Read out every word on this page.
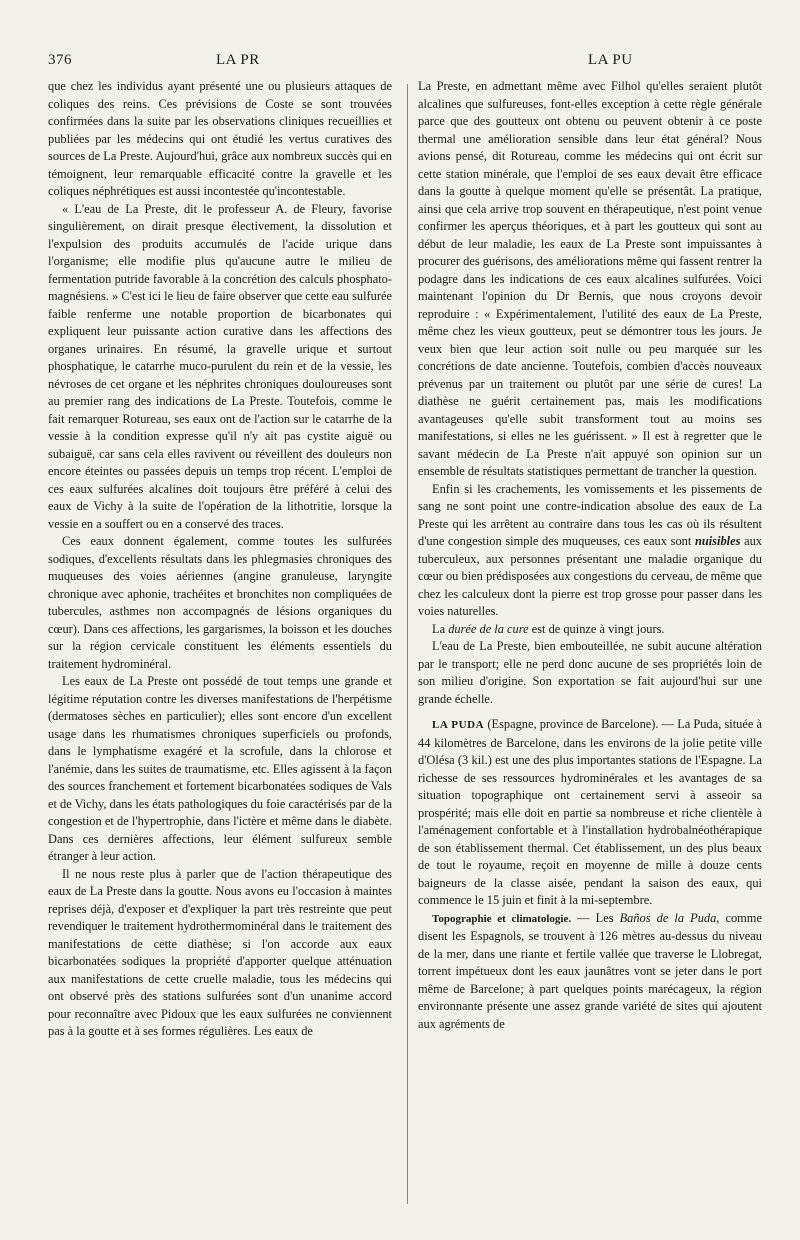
376	LA PR	LA PU

que chez les individus ayant présenté une ou plusieurs attaques de coliques des reins. Ces prévisions de Coste se sont trouvées confirmées dans la suite par les observations cliniques recueillies et publiées par les médecins qui ont étudié les vertus curatives des sources de La Preste. Aujourd'hui, grâce aux nombreux succès qui en témoignent, leur remarquable efficacité contre la gravelle et les coliques néphrétiques est aussi incontestée qu'incontestable.

« L'eau de La Preste, dit le professeur A. de Fleury, favorise singulièrement, on dirait presque électivement, la dissolution et l'expulsion des produits accumulés de l'acide urique dans l'organisme; elle modifie plus qu'aucune autre le milieu de fermentation putride favorable à la concrétion des calculs phosphato-magnésiens. » C'est ici le lieu de faire observer que cette eau sulfurée faible renferme une notable proportion de bicarbonates qui expliquent leur puissante action curative dans les affections des organes urinaires. En résumé, la gravelle urique et surtout phosphatique, le catarrhe muco-purulent du rein et de la vessie, les névroses de cet organe et les néphrites chroniques douloureuses sont au premier rang des indications de La Preste. Toutefois, comme le fait remarquer Rotureau, ses eaux ont de l'action sur le catarrhe de la vessie à la condition expresse qu'il n'y ait pas cystite aiguë ou subaiguë, car sans cela elles ravivent ou réveillent des douleurs non encore éteintes ou passées depuis un temps trop récent. L'emploi de ces eaux sulfurées alcalines doit toujours être préféré à celui des eaux de Vichy à la suite de l'opération de la lithotritie, lorsque la vessie en a souffert ou en a conservé des traces.

Ces eaux donnent également, comme toutes les sulfurées sodiques, d'excellents résultats dans les phlegmasies chroniques des muqueuses des voies aériennes (angine granuleuse, laryngite chronique avec aphonie, trachéites et bronchites non compliquées de tubercules, asthmes non accompagnés de lésions organiques du cœur). Dans ces affections, les gargarismes, la boisson et les douches sur la région cervicale constituent les éléments essentiels du traitement hydrominéral.

Les eaux de La Preste ont possédé de tout temps une grande et légitime réputation contre les diverses manifestations de l'herpétisme (dermatoses sèches en particulier); elles sont encore d'un excellent usage dans les rhumatismes chroniques superficiels ou profonds, dans le lymphatisme exagéré et la scrofule, dans la chlorose et l'anémie, dans les suites de traumatisme, etc. Elles agissent à la façon des sources franchement et fortement bicarbonatées sodiques de Vals et de Vichy, dans les états pathologiques du foie caractérisés par de la congestion et de l'hypertrophie, dans l'ictère et même dans le diabète. Dans ces dernières affections, leur élément sulfureux semble étranger à leur action.

Il ne nous reste plus à parler que de l'action thérapeutique des eaux de La Preste dans la goutte. Nous avons eu l'occasion à maintes reprises déjà, d'exposer et d'expliquer la part très restreinte que peut revendiquer le traitement hydrothermominéral dans le traitement des manifestations de cette diathèse; si l'on accorde aux eaux bicarbonatées sodiques la propriété d'apporter quelque atténuation aux manifestations de cette cruelle maladie, tous les médecins qui ont observé près des stations sulfurées sont d'un unanime accord pour reconnaître avec Pidoux que les eaux sulfurées ne conviennent pas à la goutte et à ses formes régulières. Les eaux de

La Preste, en admettant même avec Filhol qu'elles seraient plutôt alcalines que sulfureuses, font-elles exception à cette règle générale parce que des goutteux ont obtenu ou peuvent obtenir à ce poste thermal une amélioration sensible dans leur état général? Nous avions pensé, dit Rotureau, comme les médecins qui ont écrit sur cette station minérale, que l'emploi de ses eaux devait être efficace dans la goutte à quelque moment qu'elle se présentât. La pratique, ainsi que cela arrive trop souvent en thérapeutique, n'est point venue confirmer les aperçus théoriques, et à part les goutteux qui sont au début de leur maladie, les eaux de La Preste sont impuissantes à procurer des guérisons, des améliorations même qui fassent rentrer la podagre dans les indications de ces eaux alcalines sulfurées. Voici maintenant l'opinion du Dr Bernis, que nous croyons devoir reproduire : « Expérimentalement, l'utilité des eaux de La Preste, même chez les vieux goutteux, peut se démontrer tous les jours. Je veux bien que leur action soit nulle ou peu marquée sur les concrétions de date ancienne. Toutefois, combien d'accès nouveaux prévenus par un traitement ou plutôt par une série de cures! La diathèse ne guérit certainement pas, mais les modifications avantageuses qu'elle subit transforment tout au moins ses manifestations, si elles ne les guérissent. » Il est à regretter que le savant médecin de La Preste n'ait appuyé son opinion sur un ensemble de résultats statistiques permettant de trancher la question.

Enfin si les crachements, les vomissements et les pissements de sang ne sont point une contre-indication absolue des eaux de La Preste qui les arrêtent au contraire dans tous les cas où ils résultent d'une congestion simple des muqueuses, ces eaux sont nuisibles aux tuberculeux, aux personnes présentant une maladie organique du cœur ou bien prédisposées aux congestions du cerveau, de même que chez les calculeux dont la pierre est trop grosse pour passer dans les voies naturelles.

La durée de la cure est de quinze à vingt jours.

L'eau de La Preste, bien embouteillée, ne subit aucune altération par le transport; elle ne perd donc aucune de ses propriétés loin de son milieu d'origine. Son exportation se fait aujourd'hui sur une grande échelle.

LA PUDA (Espagne, province de Barcelone). — La Puda, située à 44 kilomètres de Barcelone, dans les environs de la jolie petite ville d'Olésa (3 kil.) est une des plus importantes stations de l'Espagne. La richesse de ses ressources hydrominérales et les avantages de sa situation topographique ont certainement servi à asseoir sa prospérité; mais elle doit en partie sa nombreuse et riche clientèle à l'aménagement confortable et à l'installation hydrobalnéothérapique de son établissement thermal. Cet établissement, un des plus beaux de tout le royaume, reçoit en moyenne de mille à douze cents baigneurs de la classe aisée, pendant la saison des eaux, qui commence le 15 juin et finit à la mi-septembre.

Topographie et climatologie. — Les Baños de la Puda, comme disent les Espagnols, se trouvent à 126 mètres au-dessus du niveau de la mer, dans une riante et fertile vallée que traverse le Llobregat, torrent impétueux dont les eaux jaunâtres vont se jeter dans le port même de Barcelone; à part quelques points marécageux, la région environnante présente une assez grande variété de sites qui ajoutent aux agréments de
